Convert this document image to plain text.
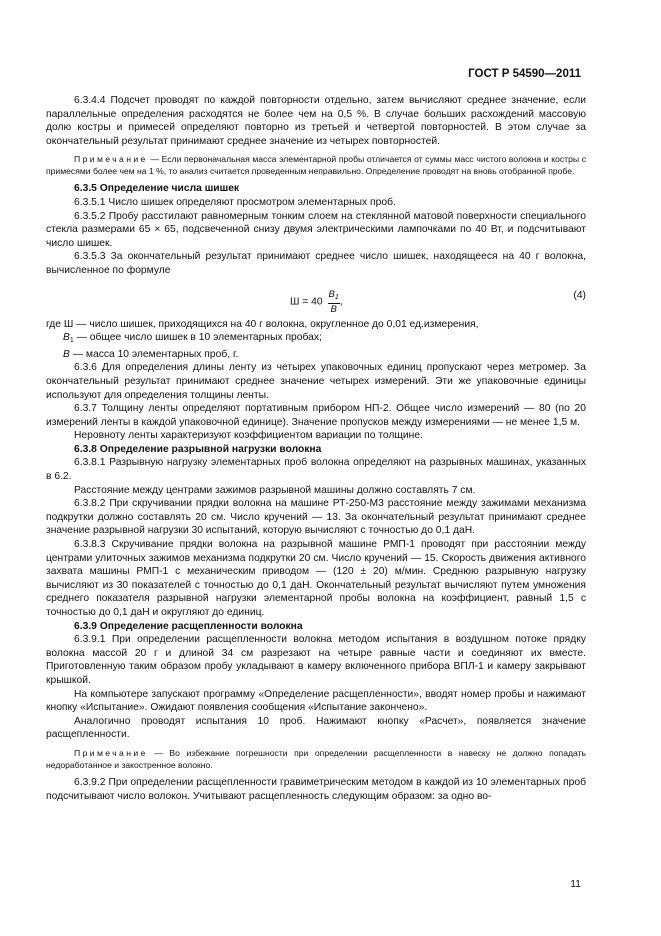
ГОСТ Р 54590—2011

6.3.4.4 Подсчет проводят по каждой повторности отдельно, затем вычисляют среднее значение, если параллельные определения расходятся не более чем на 0,5 %. В случае больших расхождений массовую долю костры и примесей определяют повторно из третьей и четвертой повторностей. В этом случае за окончательный результат принимают среднее значение из четырех повторностей.

Примечание — Если первоначальная масса элементарной пробы отличается от суммы масс чистого волокна и костры с примесями более чем на 1 %, то анализ считается проведенным неправильно. Определение проводят на вновь отобранной пробе.

6.3.5 Определение числа шишек

6.3.5.1 Число шишек определяют просмотром элементарных проб.

6.3.5.2 Пробу расстилают равномерным тонким слоем на стеклянной матовой поверхности специального стекла размерами 65 × 65, подсвеченной снизу двумя электрическими лампочками по 40 Вт, и подсчитывают число шишек.

6.3.5.3 За окончательный результат принимают среднее число шишек, находящееся на 40 г волокна, вычисленное по формуле

$Ш = 40 \frac{B_1}{B}$ ,
(4)

где Ш — число шишек, приходящихся на 40 г волокна, округленное до 0,01 ед.измерения,

$B_1$ — общее число шишек в 10 элементарных пробах;

B — масса 10 элементарных проб, г.

6.3.6 Для определения длины ленту из четырех упаковочных единиц пропускают через метромер. За окончательный результат принимают среднее значение четырех измерений. Эти же упаковочные единицы используют для определения толщины ленты.

6.3.7 Толщину ленты определяют портативным прибором НП-2. Общее число измерений — 80 (по 20 измерений ленты в каждой упаковочной единице). Значение пропусков между измерениями — не менее 1,5 м.

Неровноту ленты характеризуют коэффициентом вариации по толщине.

6.3.8 Определение разрывной нагрузки волокна

6.3.8.1 Разрывную нагрузку элементарных проб волокна определяют на разрывных машинах, указанных в 6.2.

Расстояние между центрами зажимов разрывной машины должно составлять 7 см.

6.3.8.2 При скручивании прядки волокна на машине РТ-250-М3 расстояние между зажимами механизма подкрутки должно составлять 20 см. Число кручений — 13. За окончательный результат принимают среднее значение разрывной нагрузки 30 испытаний, которую вычисляют с точностью до 0,1 даН.

6.3.8.3 Скручивание прядки волокна на разрывной машине РМП-1 проводят при расстоянии между центрами улиточных зажимов механизма подкрутки 20 см. Число кручений — 15. Скорость движения активного захвата машины РМП-1 с механическим приводом — (120 ± 20) м/мин. Среднюю разрывную нагрузку вычисляют из 30 показателей с точностью до 0,1 даН. Окончательный результат вычисляют путем умножения среднего показателя разрывной нагрузки элементарной пробы волокна на коэффициент, равный 1,5 с точностью до 0,1 даН и округляют до единиц.

6.3.9 Определение расщепленности волокна

6.3.9.1 При определении расщепленности волокна методом испытания в воздушном потоке прядку волокна массой 20 г и длиной 34 см разрезают на четыре равные части и соединяют их вместе. Приготовленную таким образом пробу укладывают в камеру включенного прибора ВПЛ-1 и камеру закрывают крышкой.

На компьютере запускают программу «Определение расщепленности», вводят номер пробы и нажимают кнопку «Испытание». Ожидают появления сообщения «Испытание закончено».

Аналогично проводят испытания 10 проб. Нажимают кнопку «Расчет», появляется значение расщепленности.

Примечание — Во избежание погрешности при определении расщепленности в навеску не должно попадать недоработанное и закостренное волокно.

6.3.9.2 При определении расщепленности гравиметрическим методом в каждой из 10 элементарных проб подсчитывают число волокон. Учитывают расщепленность следующим образом: за одно во-

11
